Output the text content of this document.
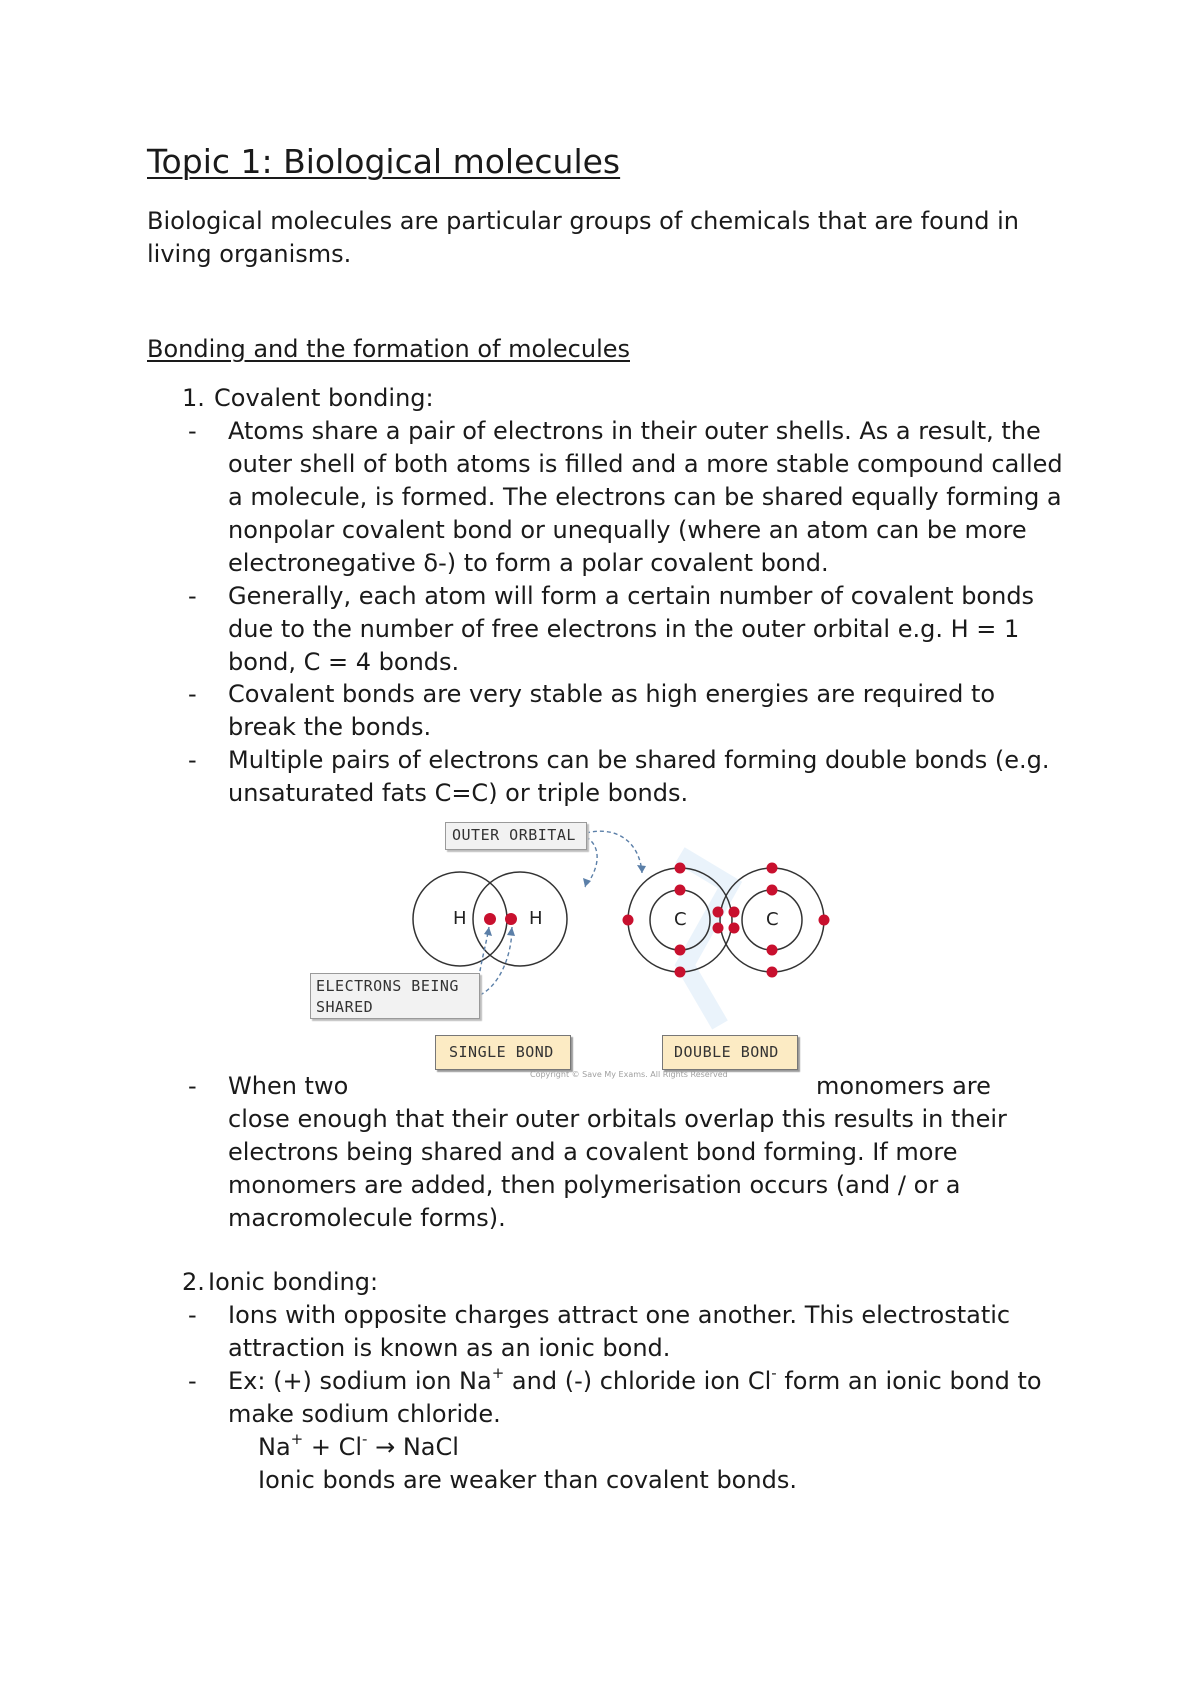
Topic 1: Biological molecules

Biological molecules are particular groups of chemicals that are found in living organisms.

Bonding and the formation of molecules
1. Covalent bonding:
- Atoms share a pair of electrons in their outer shells. As a result, the outer shell of both atoms is filled and a more stable compound called a molecule, is formed. The electrons can be shared equally forming a nonpolar covalent bond or unequally (where an atom can be more electronegative δ-) to form a polar covalent bond.
- Generally, each atom will form a certain number of covalent bonds due to the number of free electrons in the outer orbital e.g. H = 1 bond, C = 4 bonds.
- Covalent bonds are very stable as high energies are required to break the bonds.
- Multiple pairs of electrons can be shared forming double bonds (e.g. unsaturated fats C=C) or triple bonds.
OUTER ORBITAL
H	H	C	C
ELECTRONS BEING
SHARED
SINGLE BOND	DOUBLE BOND
Copyright © Save My Exams. All Rights Reserved
- When two
close enough that their outer orbitals overlap this results in their electrons being shared and a covalent bond forming. If more monomers are added, then polymerisation occurs (and / or a macromolecule forms).
monomers are
2. Ionic bonding:
- Ions with opposite charges attract one another. This electrostatic attraction is known as an ionic bond.
- Ex: (+) sodium ion Na+ and (-) chloride ion Cl- form an ionic bond to make sodium chloride.
Na+ + Cl- → NaCl
Ionic bonds are weaker than covalent bonds.
